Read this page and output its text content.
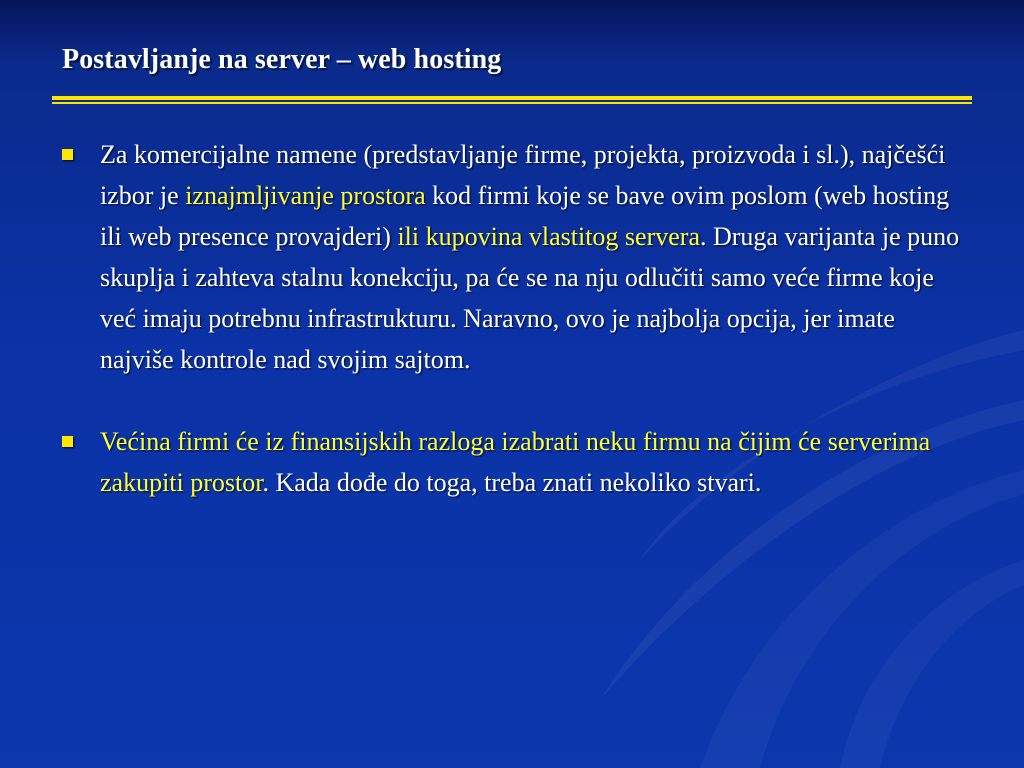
Postavljanje na server – web hosting
Za komercijalne namene (predstavljanje firme, projekta, proizvoda i sl.), najčešći izbor je iznajmljivanje prostora kod firmi koje se bave ovim poslom (web hosting ili web presence provajderi) ili kupovina vlastitog servera. Druga varijanta je puno skuplja i zahteva stalnu konekciju, pa će se na nju odlučiti samo veće firme koje već imaju potrebnu infrastrukturu. Naravno, ovo je najbolja opcija, jer imate najviše kontrole nad svojim sajtom.
Većina firmi će iz finansijskih razloga izabrati neku firmu na čijim će serverima zakupiti prostor. Kada dođe do toga, treba znati nekoliko stvari.
